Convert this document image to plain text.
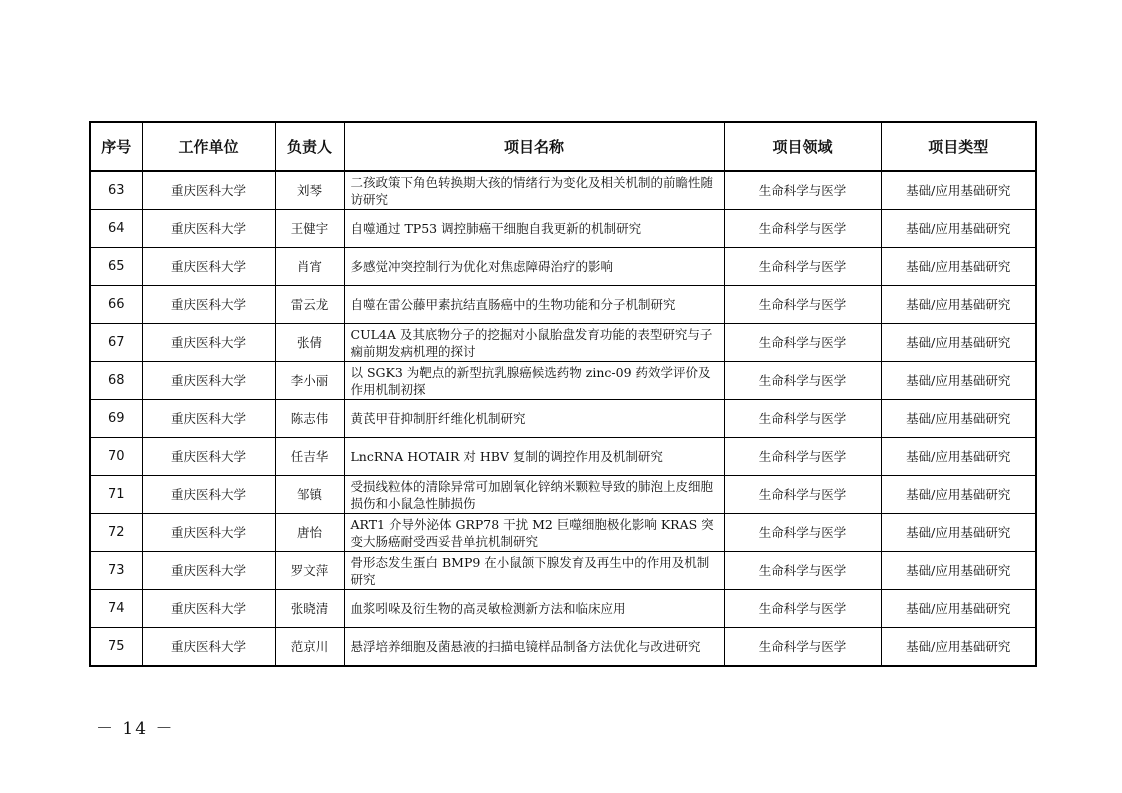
序号	工作单位	负责人	项目名称	项目领域	项目类型
63	重庆医科大学	刘琴	二孩政策下角色转换期大孩的情绪行为变化及相关机制的前瞻性随访研究	生命科学与医学	基础/应用基础研究
64	重庆医科大学	王健宇	自噬通过 TP53 调控肺癌干细胞自我更新的机制研究	生命科学与医学	基础/应用基础研究
65	重庆医科大学	肖宵	多感觉冲突控制行为优化对焦虑障碍治疗的影响	生命科学与医学	基础/应用基础研究
66	重庆医科大学	雷云龙	自噬在雷公藤甲素抗结直肠癌中的生物功能和分子机制研究	生命科学与医学	基础/应用基础研究
67	重庆医科大学	张倩	CUL4A 及其底物分子的挖掘对小鼠胎盘发育功能的表型研究与子痫前期发病机理的探讨	生命科学与医学	基础/应用基础研究
68	重庆医科大学	李小丽	以 SGK3 为靶点的新型抗乳腺癌候选药物 zinc-09 药效学评价及作用机制初探	生命科学与医学	基础/应用基础研究
69	重庆医科大学	陈志伟	黄芪甲苷抑制肝纤维化机制研究	生命科学与医学	基础/应用基础研究
70	重庆医科大学	任吉华	LncRNA HOTAIR 对 HBV 复制的调控作用及机制研究	生命科学与医学	基础/应用基础研究
71	重庆医科大学	邹镇	受损线粒体的清除异常可加剧氧化锌纳米颗粒导致的肺泡上皮细胞损伤和小鼠急性肺损伤	生命科学与医学	基础/应用基础研究
72	重庆医科大学	唐怡	ART1 介导外泌体 GRP78 干扰 M2 巨噬细胞极化影响 KRAS 突变大肠癌耐受西妥昔单抗机制研究	生命科学与医学	基础/应用基础研究
73	重庆医科大学	罗文萍	骨形态发生蛋白 BMP9 在小鼠颌下腺发育及再生中的作用及机制研究	生命科学与医学	基础/应用基础研究
74	重庆医科大学	张晓清	血浆吲哚及衍生物的高灵敏检测新方法和临床应用	生命科学与医学	基础/应用基础研究
75	重庆医科大学	范京川	悬浮培养细胞及菌悬液的扫描电镜样品制备方法优化与改进研究	生命科学与医学	基础/应用基础研究
－ 14 －
